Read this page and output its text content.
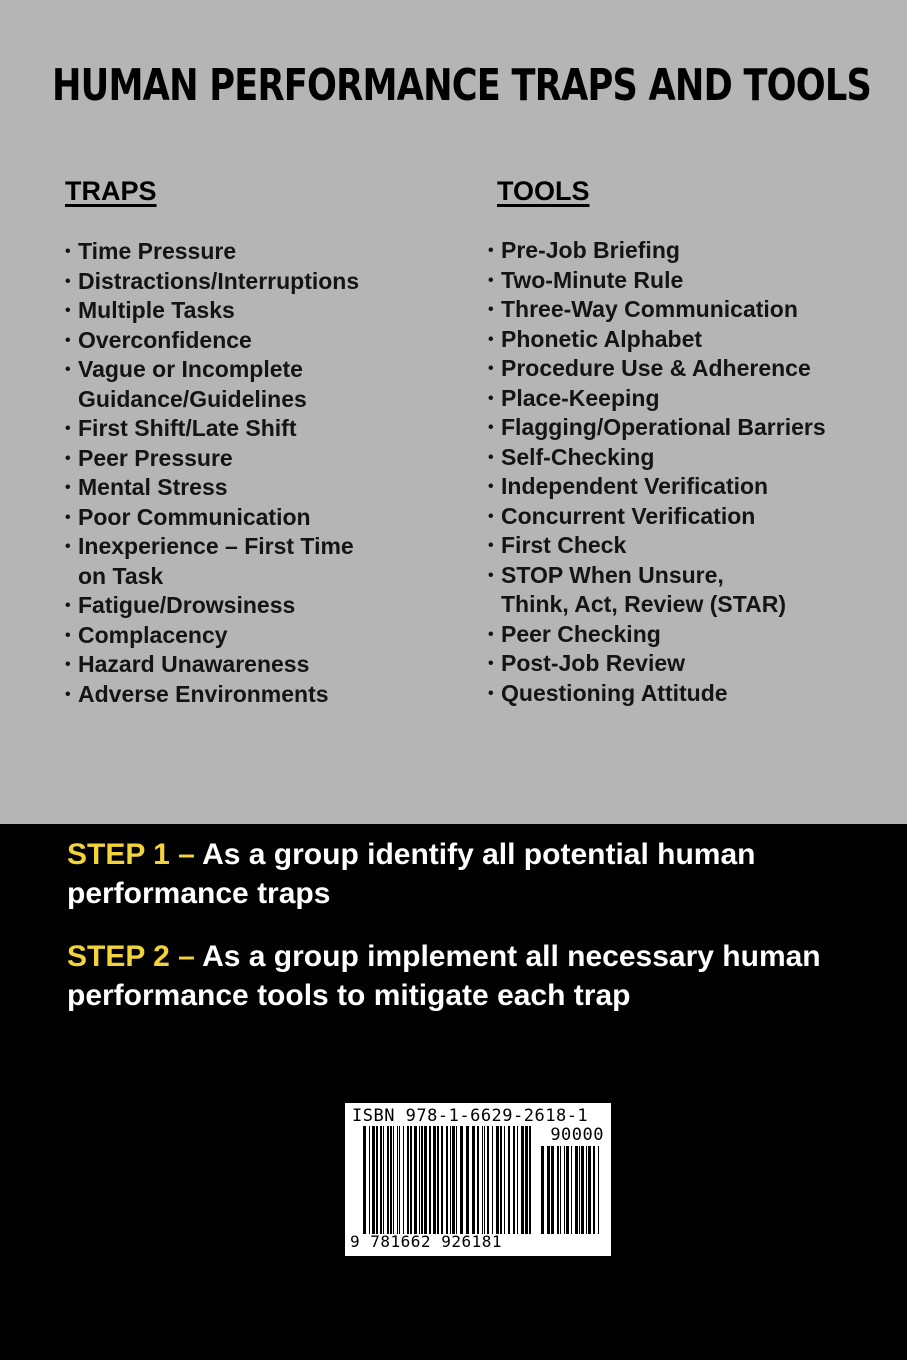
HUMAN PERFORMANCE TRAPS AND TOOLS
TRAPS	TOOLS
• Time Pressure
• Distractions/Interruptions
• Multiple Tasks
• Overconfidence
• Vague or Incomplete
Guidance/Guidelines
• First Shift/Late Shift
• Peer Pressure
• Mental Stress
• Poor Communication
• Inexperience – First Time
on Task
• Fatigue/Drowsiness
• Complacency
• Hazard Unawareness
• Adverse Environments
• Pre-Job Briefing
• Two-Minute Rule
• Three-Way Communication
• Phonetic Alphabet
• Procedure Use & Adherence
• Place-Keeping
• Flagging/Operational Barriers
• Self-Checking
• Independent Verification
• Concurrent Verification
• First Check
• STOP When Unsure,
Think, Act, Review (STAR)
• Peer Checking
• Post-Job Review
• Questioning Attitude

STEP 1 – As a group identify all potential human performance traps

STEP 2 – As a group implement all necessary human performance tools to mitigate each trap

ISBN 978-1-6629-2618-1
90000
9 781662 926181
